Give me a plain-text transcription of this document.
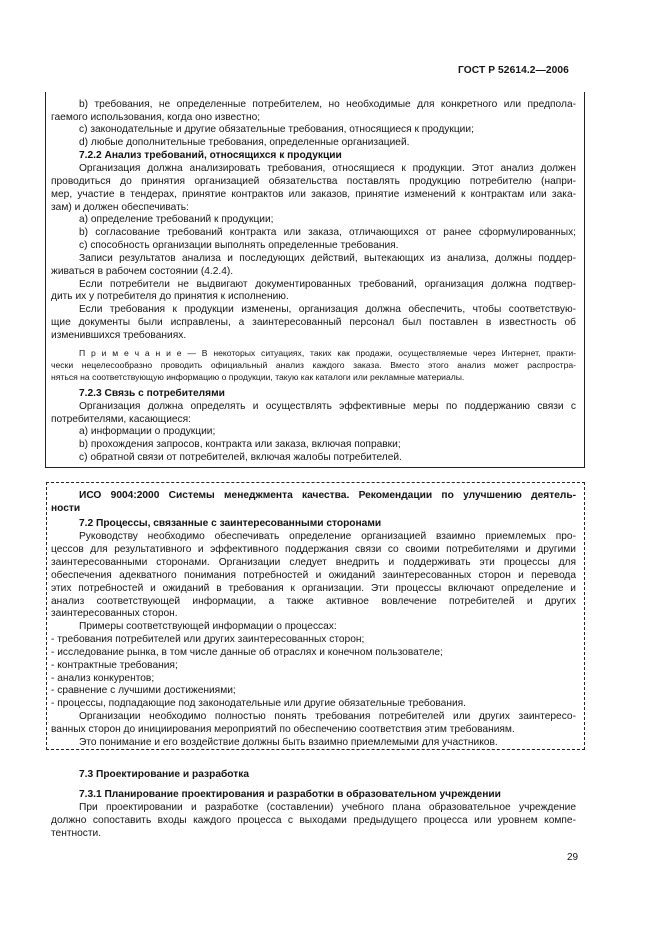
ГОСТ Р 52614.2—2006
b) требования, не определенные потребителем, но необходимые для конкретного или предпола-
гаемого использования, когда оно известно;
c) законодательные и другие обязательные требования, относящиеся к продукции;
d) любые дополнительные требования, определенные организацией.
7.2.2 Анализ требований, относящихся к продукции
Организация должна анализировать требования, относящиеся к продукции. Этот анализ должен
проводиться до принятия организацией обязательства поставлять продукцию потребителю (напри-
мер, участие в тендерах, принятие контрактов или заказов, принятие изменений к контрактам или зака-
зам) и должен обеспечивать:
a) определение требований к продукции;
b) согласование требований контракта или заказа, отличающихся от ранее сформулированных;
c) способность организации выполнять определенные требования.
Записи результатов анализа и последующих действий, вытекающих из анализа, должны поддер-
живаться в рабочем состоянии (4.2.4).
Если потребители не выдвигают документированных требований, организация должна подтвер-
дить их у потребителя до принятия к исполнению.
Если требования к продукции изменены, организация должна обеспечить, чтобы соответствую-
щие документы были исправлены, а заинтересованный персонал был поставлен в известность об
изменившихся требованиях.
П р и м е ч а н и е — В некоторых ситуациях, таких как продажи, осуществляемые через Интернет, практи-
чески нецелесообразно проводить официальный анализ каждого заказа. Вместо этого анализ может распростра-
няться на соответствующую информацию о продукции, такую как каталоги или рекламные материалы.
7.2.3 Связь с потребителями
Организация должна определять и осуществлять эффективные меры по поддержанию связи с
потребителями, касающиеся:
a) информации о продукции;
b) прохождения запросов, контракта или заказа, включая поправки;
c) обратной связи от потребителей, включая жалобы потребителей.
ИСО 9004:2000 Системы менеджмента качества. Рекомендации по улучшению деятель-
ности
7.2 Процессы, связанные с заинтересованными сторонами
Руководству необходимо обеспечивать определение организацией взаимно приемлемых про-
цессов для результативного и эффективного поддержания связи со своими потребителями и другими
заинтересованными сторонами. Организации следует внедрить и поддерживать эти процессы для
обеспечения адекватного понимания потребностей и ожиданий заинтересованных сторон и перевода
этих потребностей и ожиданий в требования к организации. Эти процессы включают определение и
анализ соответствующей информации, а также активное вовлечение потребителей и других
заинтересованных сторон.
Примеры соответствующей информации о процессах:
- требования потребителей или других заинтересованных сторон;
- исследование рынка, в том числе данные об отраслях и конечном пользователе;
- контрактные требования;
- анализ конкурентов;
- сравнение с лучшими достижениями;
- процессы, подпадающие под законодательные или другие обязательные требования.
Организации необходимо полностью понять требования потребителей или других заинтересо-
ванных сторон до инициирования мероприятий по обеспечению соответствия этим требованиям.
Это понимание и его воздействие должны быть взаимно приемлемыми для участников.
7.3 Проектирование и разработка
7.3.1 Планирование проектирования и разработки в образовательном учреждении
При проектировании и разработке (составлении) учебного плана образовательное учреждение
должно сопоставить входы каждого процесса с выходами предыдущего процесса или уровнем компе-
тентности.
29
